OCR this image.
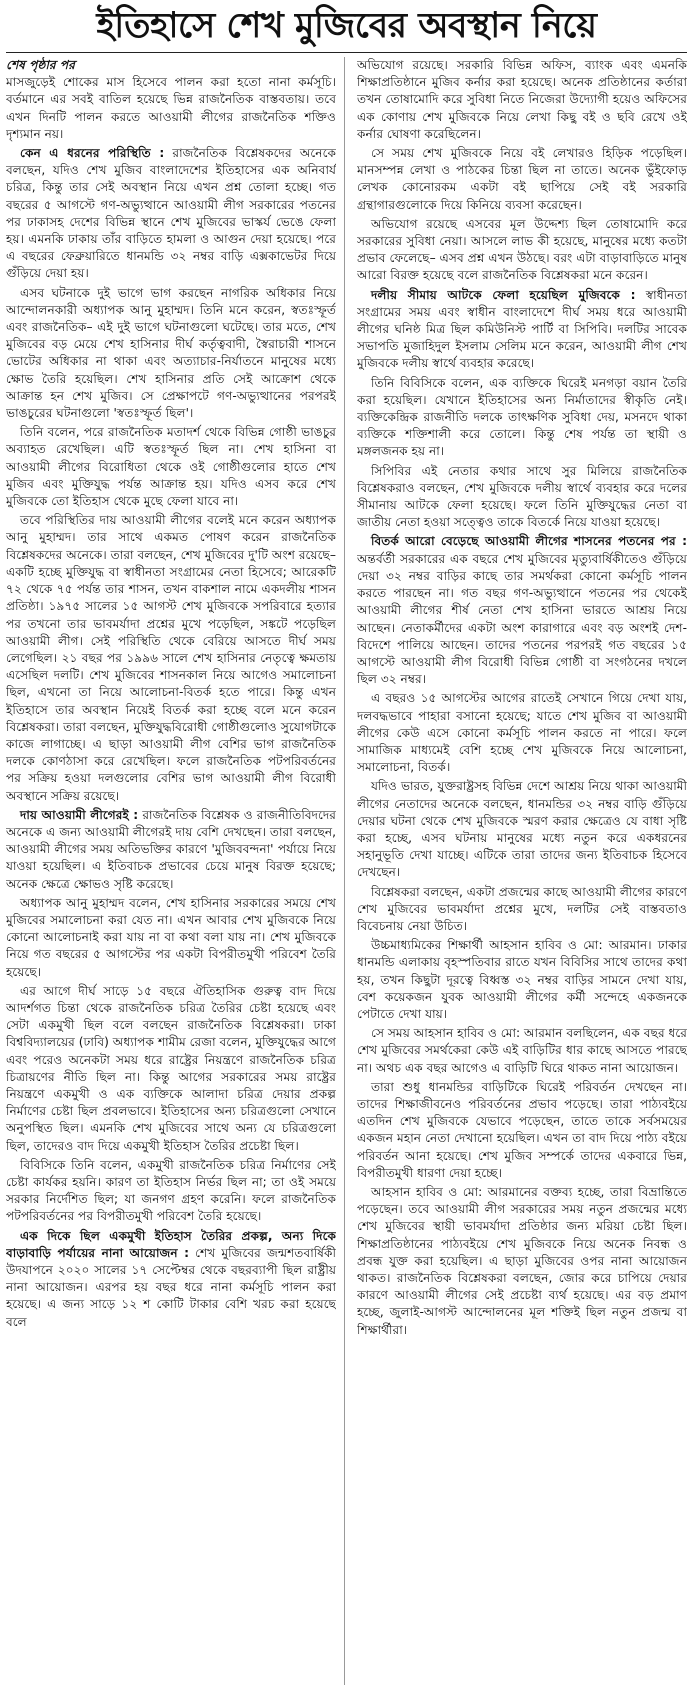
ইতিহাসে শেখ মুজিবের অবস্থান নিয়ে
শেষ পৃষ্ঠার পর

মাসজুড়েই শোকের মাস হিসেবে পালন করা হতো নানা কর্মসূচি। বর্তমানে এর সবই বাতিল হয়েছে ভিন্ন রাজনৈতিক বাস্তবতায়। তবে এখন দিনটি পালন করতে আওয়ামী লীগের রাজনৈতিক শক্তিও দৃশ্যমান নয়।

কেন এ ধরনের পরিস্থিতি : রাজনৈতিক বিশ্লেষকদের অনেকে বলছেন, যদিও শেখ মুজিব বাংলাদেশের ইতিহাসের এক অনিবার্য চরিত্র, কিন্তু তার সেই অবস্থান নিয়ে এখন প্রশ্ন তোলা হচ্ছে। গত বছরের ৫ আগস্টে গণ-অভ্যুত্থানে আওয়ামী লীগ সরকারের পতনের পর ঢাকাসহ দেশের বিভিন্ন স্থানে শেখ মুজিবের ভাস্কর্য ভেঙে ফেলা হয়। এমনকি ঢাকায় তাঁর বাড়িতে হামলা ও আগুন দেয়া হয়েছে। পরে এ বছরের ফেব্রুয়ারিতে ধানমন্ডি ৩২ নম্বর বাড়ি এক্সকাভেটর দিয়ে গুঁড়িয়ে দেয়া হয়।

এসব ঘটনাকে দুই ভাগে ভাগ করছেন নাগরিক অধিকার নিয়ে আন্দোলনকারী অধ্যাপক আনু মুহাম্মদ। তিনি মনে করেন, স্বতঃস্ফূর্ত এবং রাজনৈতিক– এই দুই ভাগে ঘটনাগুলো ঘটেছে। তার মতে, শেখ মুজিবের বড় মেয়ে শেখ হাসিনার দীর্ঘ কর্তৃত্ববাদী, স্বৈরাচারী শাসনে ভোটের অধিকার না থাকা এবং অত্যাচার-নির্যাতনে মানুষের মধ্যে ক্ষোভ তৈরি হয়েছিল। শেখ হাসিনার প্রতি সেই আক্রোশ থেকে আক্রান্ত হন শেখ মুজিব। সে প্রেক্ষাপটে গণ-অভ্যুত্থানের পরপরই ভাঙচুরের ঘটনাগুলো 'স্বতঃস্ফূর্ত ছিল'।

তিনি বলেন, পরে রাজনৈতিক মতাদর্শ থেকে বিভিন্ন গোষ্ঠী ভাঙচুর অব্যাহত রেখেছিল। এটি স্বতঃস্ফূর্ত ছিল না। শেখ হাসিনা বা আওয়ামী লীগের বিরোধিতা থেকে ওই গোষ্ঠীগুলোর হাতে শেখ মুজিব এবং মুক্তিযুদ্ধ পর্যন্ত আক্রান্ত হয়। যদিও এসব করে শেখ মুজিবকে তো ইতিহাস থেকে মুছে ফেলা যাবে না।

তবে পরিস্থিতির দায় আওয়ামী লীগের বলেই মনে করেন অধ্যাপক আনু মুহাম্মদ। তার সাথে একমত পোষণ করেন রাজনৈতিক বিশ্লেষকদের অনেকে। তারা বলছেন, শেখ মুজিবের দু'টি অংশ রয়েছে– একটি হচ্ছে মুক্তিযুদ্ধ বা স্বাধীনতা সংগ্রামের নেতা হিসেবে; আরেকটি ৭২ থেকে ৭৫ পর্যন্ত তার শাসন, তখন বাকশাল নামে একদলীয় শাসন প্রতিষ্ঠা। ১৯৭৫ সালের ১৫ আগস্ট শেখ মুজিবকে সপরিবারে হত্যার পর তখনো তার ভাবমর্যাদা প্রশ্নের মুখে পড়েছিল, সঙ্কটে পড়েছিল আওয়ামী লীগ। সেই পরিস্থিতি থেকে বেরিয়ে আসতে দীর্ঘ সময় লেগেছিল। ২১ বছর পর ১৯৯৬ সালে শেখ হাসিনার নেতৃত্বে ক্ষমতায় এসেছিল দলটি। শেখ মুজিবের শাসনকাল নিয়ে আগেও সমালোচনা ছিল, এখনো তা নিয়ে আলোচনা-বিতর্ক হতে পারে। কিন্তু এখন ইতিহাসে তার অবস্থান নিয়েই বিতর্ক করা হচ্ছে বলে মনে করেন বিশ্লেষকরা। তারা বলছেন, মুক্তিযুদ্ধবিরোধী গোষ্ঠীগুলোও সুযোগটাকে কাজে লাগাচ্ছে। এ ছাড়া আওয়ামী লীগ বেশির ভাগ রাজনৈতিক দলকে কোণঠাসা করে রেখেছিল। ফলে রাজনৈতিক পটপরিবর্তনের পর সক্রিয় হওয়া দলগুলোর বেশির ভাগ আওয়ামী লীগ বিরোধী অবস্থানে সক্রিয় রয়েছে।

দায় আওয়ামী লীগেরই : রাজনৈতিক বিশ্লেষক ও রাজনীতিবিদদের অনেকে এ জন্য আওয়ামী লীগেরই দায় বেশি দেখছেন। তারা বলছেন, আওয়ামী লীগের সময় অতিভক্তির কারণে 'মুজিববন্দনা' পর্যায়ে নিয়ে যাওয়া হয়েছিল। এ ইতিবাচক প্রভাবের চেয়ে মানুষ বিরক্ত হয়েছে; অনেক ক্ষেত্রে ক্ষোভও সৃষ্টি করেছে।

অধ্যাপক আনু মুহাম্মদ বলেন, শেখ হাসিনার সরকারের সময়ে শেখ মুজিবের সমালোচনা করা যেত না। এখন আবার শেখ মুজিবকে নিয়ে কোনো আলোচনাই করা যায় না বা কথা বলা যায় না। শেখ মুজিবকে নিয়ে গত বছরের ৫ আগস্টের পর একটা বিপরীতমুখী পরিবেশ তৈরি হয়েছে।

এর আগে দীর্ঘ সাড়ে ১৫ বছরে ঐতিহাসিক গুরুত্ব বাদ দিয়ে আদর্শগত চিন্তা থেকে রাজনৈতিক চরিত্র তৈরির চেষ্টা হয়েছে এবং সেটা একমুখী ছিল বলে বলছেন রাজনৈতিক বিশ্লেষকরা। ঢাকা বিশ্ববিদ্যালয়ের (ঢাবি) অধ্যাপক শামীম রেজা বলেন, মুক্তিযুদ্ধের আগে এবং পরেও অনেকটা সময় ধরে রাষ্ট্রের নিয়ন্ত্রণে রাজনৈতিক চরিত্র চিত্রায়ণের নীতি ছিল না। কিন্তু আগের সরকারের সময় রাষ্ট্রের নিয়ন্ত্রণে একমুখী ও এক ব্যক্তিকে আলাদা চরিত্র দেয়ার প্রকল্প নির্মাণের চেষ্টা ছিল প্রবলভাবে। ইতিহাসের অন্য চরিত্রগুলো সেখানে অনুপস্থিত ছিল। এমনকি শেখ মুজিবের সাথে অন্য যে চরিত্রগুলো ছিল, তাদেরও বাদ দিয়ে একমুখী ইতিহাস তৈরির প্রচেষ্টা ছিল।

বিবিসিকে তিনি বলেন, একমুখী রাজনৈতিক চরিত্র নির্মাণের সেই চেষ্টা কার্যকর হয়নি। কারণ তা ইতিহাস নির্ভর ছিল না; তা ওই সময়ে সরকার নির্দেশিত ছিল; যা জনগণ গ্রহণ করেনি। ফলে রাজনৈতিক পটপরিবর্তনের পর বিপরীতমুখী পরিবেশ তৈরি হয়েছে।

এক দিকে ছিল একমুখী ইতিহাস তৈরির প্রকল্প, অন্য দিকে বাড়াবাড়ি পর্যায়ের নানা আয়োজন : শেখ মুজিবের জন্মশতবার্ষিকী উদযাপনে ২০২০ সালের ১৭ সেপ্টেম্বর থেকে বছরব্যাপী ছিল রাষ্ট্রীয় নানা আয়োজন। এরপর হয় বছর ধরে নানা কর্মসূচি পালন করা হয়েছে। এ জন্য সাড়ে ১২ শ কোটি টাকার বেশি খরচ করা হয়েছে বলে

অভিযোগ রয়েছে। সরকারি বিভিন্ন অফিস, ব্যাংক এবং এমনকি শিক্ষাপ্রতিষ্ঠানে মুজিব কর্নার করা হয়েছে। অনেক প্রতিষ্ঠানের কর্তারা তখন তোষামোদি করে সুবিধা নিতে নিজেরা উদ্যোগী হয়েও অফিসের এক কোণায় শেখ মুজিবকে নিয়ে লেখা কিছু বই ও ছবি রেখে ওই কর্নার ঘোষণা করেছিলেন।

সে সময় শেখ মুজিবকে নিয়ে বই লেখারও হিড়িক পড়েছিল। মানসম্পন্ন লেখা ও পাঠকের চিন্তা ছিল না তাতে। অনেক ভুঁইফোড় লেখক কোনোরকম একটা বই ছাপিয়ে সেই বই সরকারি গ্রন্থাগারগুলোকে দিয়ে কিনিয়ে ব্যবসা করেছেন।

অভিযোগ রয়েছে এসবের মূল উদ্দেশ্য ছিল তোষামোদি করে সরকারের সুবিধা নেয়া। আসলে লাভ কী হয়েছে, মানুষের মধ্যে কতটা প্রভাব ফেলেছে– এসব প্রশ্ন এখন উঠছে। বরং এটা বাড়াবাড়িতে মানুষ আরো বিরক্ত হয়েছে বলে রাজনৈতিক বিশ্লেষকরা মনে করেন।

দলীয় সীমায় আটকে ফেলা হয়েছিল মুজিবকে : স্বাধীনতা সংগ্রামের সময় এবং স্বাধীন বাংলাদেশে দীর্ঘ সময় ধরে আওয়ামী লীগের ঘনিষ্ঠ মিত্র ছিল কমিউনিস্ট পার্টি বা সিপিবি। দলটির সাবেক সভাপতি মুজাহিদুল ইসলাম সেলিম মনে করেন, আওয়ামী লীগ শেখ মুজিবকে দলীয় স্বার্থে ব্যবহার করেছে।

তিনি বিবিসিকে বলেন, এক ব্যক্তিকে ঘিরেই মনগড়া বয়ান তৈরি করা হয়েছিল। যেখানে ইতিহাসের অন্য নির্মাতাদের স্বীকৃতি নেই। ব্যক্তিকেন্দ্রিক রাজনীতি দলকে তাৎক্ষণিক সুবিধা দেয়, মসনদে থাকা ব্যক্তিকে শক্তিশালী করে তোলে। কিন্তু শেষ পর্যন্ত তা স্থায়ী ও মঙ্গলজনক হয় না।

সিপিবির এই নেতার কথার সাথে সুর মিলিয়ে রাজনৈতিক বিশ্লেষকরাও বলছেন, শেখ মুজিবকে দলীয় স্বার্থে ব্যবহার করে দলের সীমানায় আটকে ফেলা হয়েছে। ফলে তিনি মুক্তিযুদ্ধের নেতা বা জাতীয় নেতা হওয়া সত্ত্বেও তাকে বিতর্কে নিয়ে যাওয়া হয়েছে।

বিতর্ক আরো বেড়েছে আওয়ামী লীগের শাসনের পতনের পর : অন্তর্বর্তী সরকারের এক বছরে শেখ মুজিবের মৃত্যুবার্ষিকীতেও গুঁড়িয়ে দেয়া ৩২ নম্বর বাড়ির কাছে তার সমর্থকরা কোনো কর্মসূচি পালন করতে পারছেন না। গত বছর গণ-অভ্যুত্থানে পতনের পর থেকেই আওয়ামী লীগের শীর্ষ নেতা শেখ হাসিনা ভারতে আশ্রয় নিয়ে আছেন। নেতাকর্মীদের একটা অংশ কারাগারে এবং বড় অংশই দেশ-বিদেশে পালিয়ে আছেন। তাদের পতনের পরপরই গত বছরের ১৫ আগস্টে আওয়ামী লীগ বিরোধী বিভিন্ন গোষ্ঠী বা সংগঠনের দখলে ছিল ৩২ নম্বর।

এ বছরও ১৫ আগস্টের আগের রাতেই সেখানে গিয়ে দেখা যায়, দলবদ্ধভাবে পাহারা বসানো হয়েছে; যাতে শেখ মুজিব বা আওয়ামী লীগের কেউ এসে কোনো কর্মসূচি পালন করতে না পারে। ফলে সামাজিক মাধ্যমেই বেশি হচ্ছে শেখ মুজিবকে নিয়ে আলোচনা, সমালোচনা, বিতর্ক।

যদিও ভারত, যুক্তরাষ্ট্রসহ বিভিন্ন দেশে আশ্রয় নিয়ে থাকা আওয়ামী লীগের নেতাদের অনেকে বলছেন, ধানমন্ডির ৩২ নম্বর বাড়ি গুঁড়িয়ে দেয়ার ঘটনা থেকে শেখ মুজিবকে স্মরণ করার ক্ষেত্রেও যে বাধা সৃষ্টি করা হচ্ছে, এসব ঘটনায় মানুষের মধ্যে নতুন করে একধরনের সহানুভূতি দেখা যাচ্ছে। এটিকে তারা তাদের জন্য ইতিবাচক হিসেবে দেখছেন।

বিশ্লেষকরা বলছেন, একটা প্রজন্মের কাছে আওয়ামী লীগের কারণে শেখ মুজিবের ভাবমর্যাদা প্রশ্নের মুখে, দলটির সেই বাস্তবতাও বিবেচনায় নেয়া উচিত।

উচ্চমাধ্যমিকের শিক্ষার্থী আহসান হাবিব ও মো: আরমান। ঢাকার ধানমন্ডি এলাকায় বৃহস্পতিবার রাতে যখন বিবিসির সাথে তাদের কথা হয়, তখন কিছুটা দূরত্বে বিধ্বস্ত ৩২ নম্বর বাড়ির সামনে দেখা যায়, বেশ কয়েকজন যুবক আওয়ামী লীগের কর্মী সন্দেহে একজনকে পেটাতে দেখা যায়।

সে সময় আহসান হাবিব ও মো: আরমান বলছিলেন, এক বছর ধরে শেখ মুজিবের সমর্থকেরা কেউ এই বাড়িটির ধার কাছে আসতে পারছে না। অথচ এক বছর আগেও এ বাড়িটি ঘিরে থাকত নানা আয়োজন।

তারা শুধু ধানমন্ডির বাড়িটিকে ঘিরেই পরিবর্তন দেখছেন না। তাদের শিক্ষাজীবনেও পরিবর্তনের প্রভাব পড়েছে। তারা পাঠ্যবইয়ে এতদিন শেখ মুজিবকে যেভাবে পড়েছেন, তাতে তাকে সর্বসময়ের একজন মহান নেতা দেখানো হয়েছিল। এখন তা বাদ দিয়ে পাঠ্য বইয়ে পরিবর্তন আনা হয়েছে। শেখ মুজিব সম্পর্কে তাদের একবারে ভিন্ন, বিপরীতমুখী ধারণা দেয়া হচ্ছে।

আহসান হাবিব ও মো: আরমানের বক্তব্য হচ্ছে, তারা বিভ্রান্তিতে পড়েছেন। তবে আওয়ামী লীগ সরকারের সময় নতুন প্রজন্মের মধ্যে শেখ মুজিবের স্থায়ী ভাবমর্যাদা প্রতিষ্ঠার জন্য মরিয়া চেষ্টা ছিল। শিক্ষাপ্রতিষ্ঠানের পাঠ্যবইয়ে শেখ মুজিবকে নিয়ে অনেক নিবন্ধ ও প্রবন্ধ যুক্ত করা হয়েছিল। এ ছাড়া মুজিবের ওপর নানা আয়োজন থাকত। রাজনৈতিক বিশ্লেষকরা বলছেন, জোর করে চাপিয়ে দেয়ার কারণে আওয়ামী লীগের সেই প্রচেষ্টা ব্যর্থ হয়েছে। এর বড় প্রমাণ হচ্ছে, জুলাই-আগস্ট আন্দোলনের মূল শক্তিই ছিল নতুন প্রজন্ম বা শিক্ষার্থীরা।
